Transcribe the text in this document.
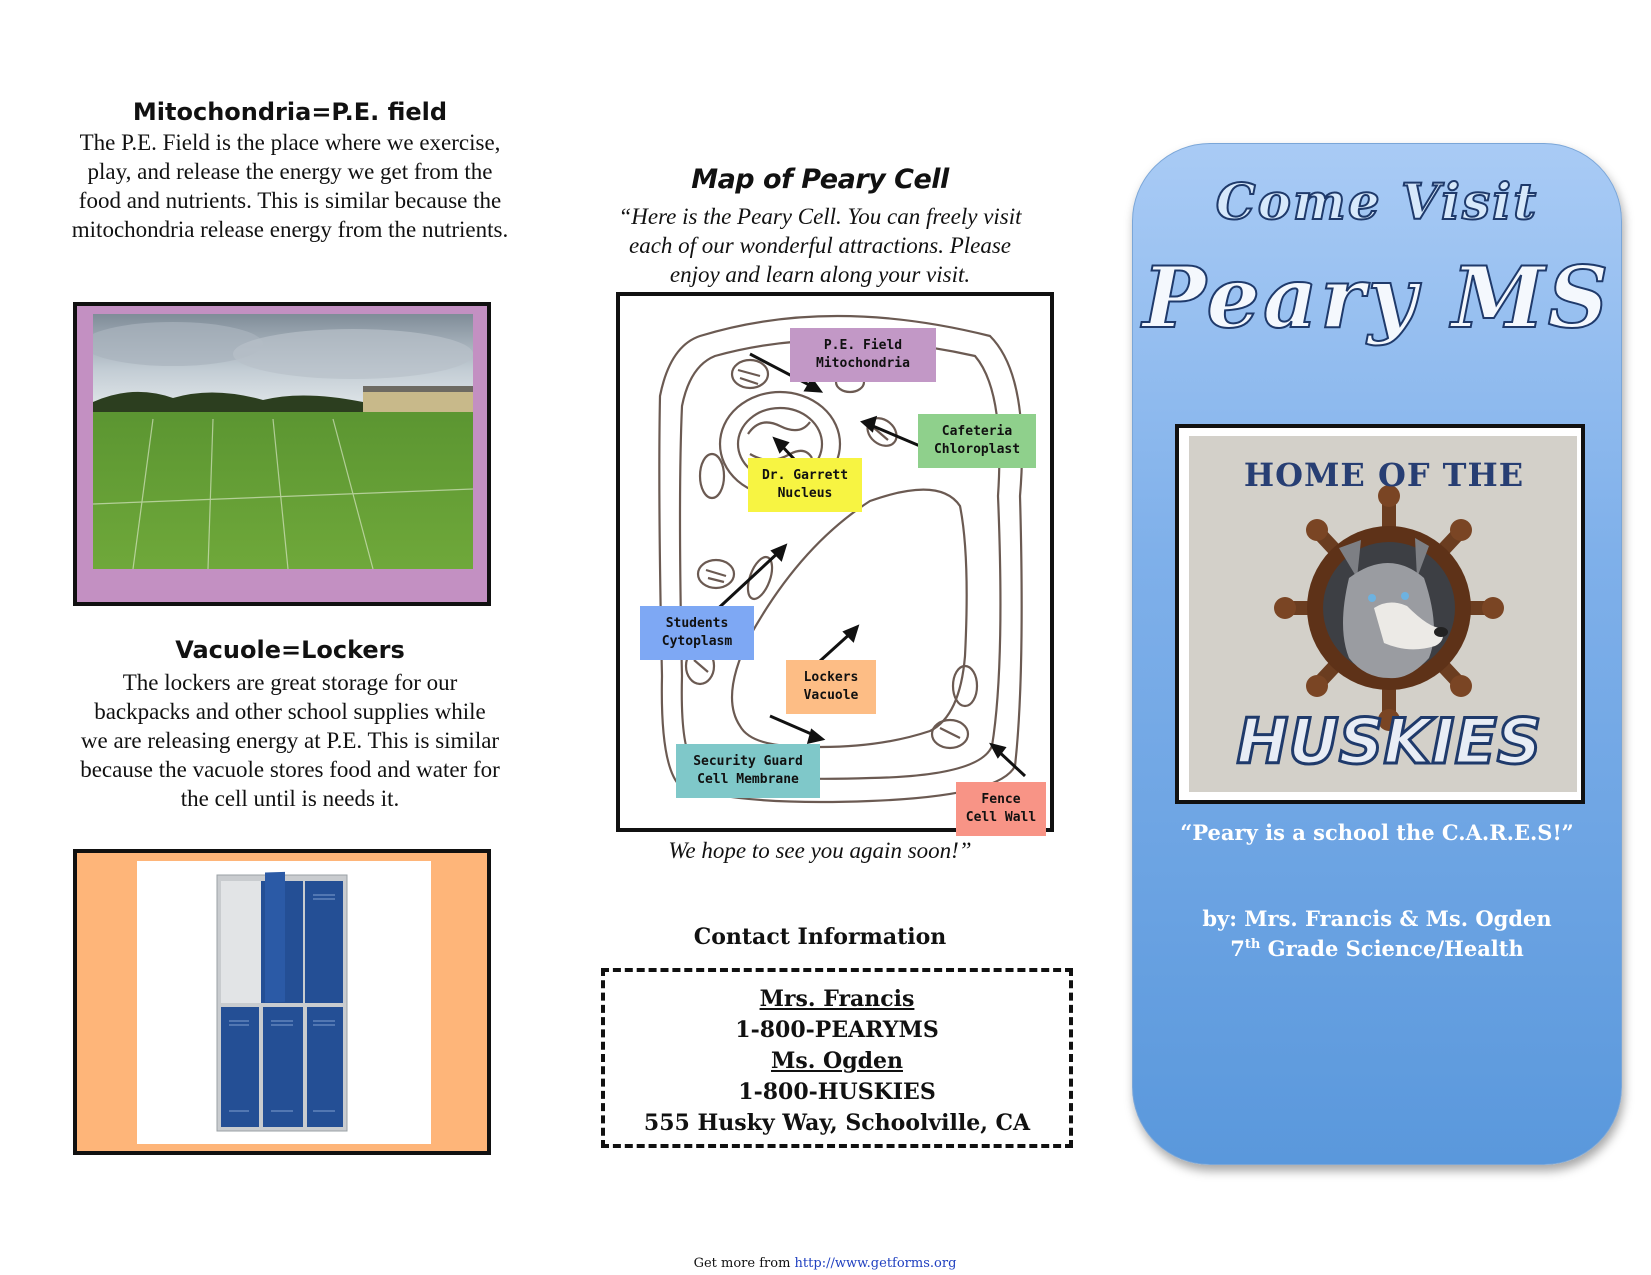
Mitochondria=P.E. field
The P.E. Field is the place where we exercise, play, and release the energy we get from the food and nutrients. This is similar because the mitochondria release energy from the nutrients.
Vacuole=Lockers
The lockers are great storage for our backpacks and other school supplies while we are releasing energy at P.E. This is similar because the vacuole stores food and water for the cell until is needs it.
Map of Peary Cell
“Here is the Peary Cell. You can freely visit each of our wonderful attractions. Please enjoy and learn along your visit.
P.E. Field
Mitochondria
Cafeteria
Chloroplast
Dr. Garrett
Nucleus
Students
Cytoplasm
Lockers
Vacuole
Security Guard
Cell Membrane
Fence
Cell Wall
We hope to see you again soon!”
Contact Information
Mrs. Francis
1-800-PEARYMS
Ms. Ogden
1-800-HUSKIES
555 Husky Way, Schoolville, CA
Come Visit
Peary MS
HOME OF THE
HUSKIES
“Peary is a school the C.A.R.E.S!”
by: Mrs. Francis & Ms. Ogden
7th Grade Science/Health
Get more from http://www.getforms.org
